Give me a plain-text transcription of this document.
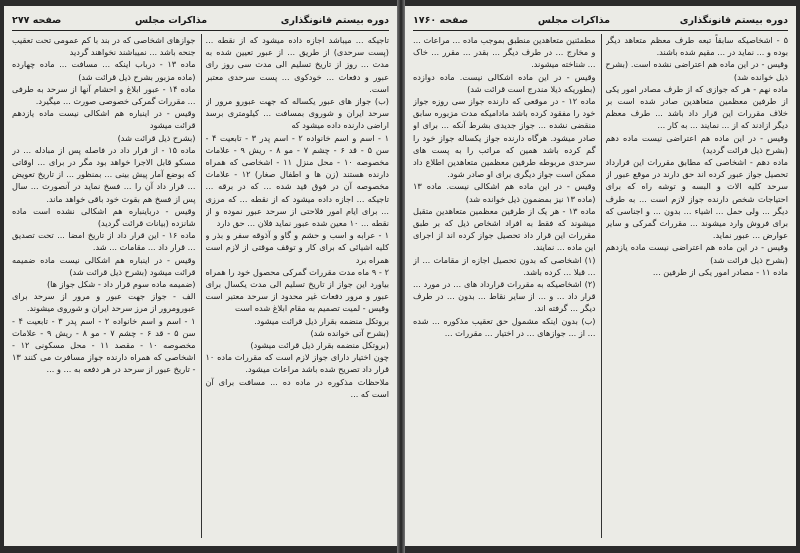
دوره بیستم قانونگذاری
مذاکرات مجلس
صفحه ۲۷۷

تاجیکه ... میباشد اجازه داده میشود که از نقطه ... (پست سرحدی) از طریق ... از عبور تعیین شده به مدت ... روز از تاریخ تسلیم الی مدت سی روز رای عبور و دفعات ... خودکوی ... پست سرحدی معتبر است.

(ب) جواز های عبور یکساله که جهت عبورو مرور از سرحد ایران و شوروی بمسافت ... کیلومتری برسد اراضی دارنده داده میشود که

۱ - اسم و اسم خانواده ۲ - اسم پدر ۳ - تابعیت ۴ - سن ۵ - قد ۶ - چشم ۷ - مو ۸ - ریش ۹ - علامات مخصوصه ۱۰ - محل منزل ۱۱ - اشخاصی که همراه دارنده هستند (زن ها و اطفال صغار) ۱۲ - علامات مخصوصه آن در فوق قید شده ... که در برقه ... تاجیکه ... اجازه داده میشود که از نقطه ... که مرزی ... برای ایام امور فلاحتی از سرحد عبور نموده و از نقطه ... ۱۰ معین شده عبور نماید فلان ... حق دارد

۱ - عرابه و اسب و حشم و گاو و آذوقه سفر و بذر و کلیه اشیائی که برای کار و توقف موقتی از لازم است همراه برد

۲ - ۹ ماه مدت مقررات گمرکی محصول خود را همراه بیاورد این جواز از تاریخ تسلیم الی مدت یکسال برای عبور و مرور دفعات غیر محدود از سرحد معتبر است وقیس - لمیت تصمیم به مقام ابلاغ شده است

بروتکل منضمه بقرار ذیل قرائت میشود.

(بشرح آتی خوانده شد)

(بروتکل منضمه بقرار ذیل قرائت میشود)

چون اختیار دارای جواز لازم است که مقررات ماده ۱۰ قرار داد تصریح شده باشد مراعات میشود.

ملاحظات مذکوره در ماده ده ... مسافت برای آن است که ...

جوازهای اشخاصی که در بند با کم عمومی تحت تعقیب جنحه باشد ... نمیباشند نخواهند گردید

ماده ۱۳ - درباب اینکه ... مسافت ... ماده چهارده (ماده مزبور بشرح ذیل قرائت شد)

ماده ۱۴ - عبور ابلاغ و احشام آنها از سرحد به طرفی ... مقررات گمرکی خصوصی صورت ... میگیرد.

وقیس - در اینباره هم اشکالی نیست ماده یازدهم قرائت میشود

(بشرح ذیل قرائت شد)

ماده ۱۵ - از قرار داد در فاصله پس از مبادله ... در مسکو قابل الاجرا خواهد بود مگر در برای ... اوقاتی که بوضع آمار پیش بینی ... بمنظور ... از تاریخ تعویض ... قرار داد آن را ... فسخ نماید در آنصورت ... سال پس از فسخ هم بقوت خود باقی خواهد ماند.

وقیس - درباینباره هم اشکالی نشده است ماده شانزده (بیانات قرائت گردید)

ماده ۱۶ - این قرار داد از تاریخ امضا ... تحت تصدیق ... قرار داد ... مقامات ... شد.

وقیس - در اینباره هم اشکالی نیست ماده ضمیمه قرائت میشود (بشرح ذیل قرائت شد)

(ضمیمه ماده سوم قرار داد - شکل جواز ها)

الف - جواز جهت عبور و مرور از سرحد برای عبورومرور از مرز سرحد ایران و شوروی میشوند.

۱ - اسم و اسم خانواده ۲ - اسم پدر ۳ - تابعیت ۴ - سن ۵ - قد ۶ - چشم ۷ - مو ۸ - ریش ۹ - علامات مخصوصه ۱۰ - مقصد ۱۱ - محل مسکونی ۱۲ - اشخاصی که همراه دارنده جواز مسافرت می کنند ۱۳ - تاریخ عبور از سرحد در هر دفعه به ... و ...

دوره بیستم قانونگذاری
مذاکرات مجلس
صفحه ۱۷۶۰

۵ - اشخاصیکه سابقاً تبعه طرف معظم متعاهد دیگر بوده و ... نماید در ... مقیم شده باشند.

وقیس - در این ماده هم اعتراضی نشده است. (بشرح ذیل خوانده شد)

ماده نهم - هر که جوازی که از طرف مصادر امور یکی از طرفین معظمین متعاهدین صادر شده است بر خلاف مقررات این قرار داد باشد ... طرف معظم دیگر ازادند که از ... نمایند ... به کار ...

وقیس - در این ماده هم اعتراضی نیست ماده دهم (بشرح ذیل قرائت گردید)

ماده دهم - اشخاصی که مطابق مقررات این قرارداد تحصیل جواز عبور کرده اند حق دارند در موقع عبور از سرحد کلیه الات و البسه و توشه راه که برای احتیاجات شخص دارنده جواز لازم است ... به طرف دیگر ... ولی حمل ... اشیاء ... بدون ... و اجناسی که برای فروش وارد میشوند ... مقررات گمرکی و سایر عوارض ... عبور نماید.

وقیس - در این ماده هم اعتراضی نیست ماده یازدهم (بشرح ذیل قرائت شد)

ماده ۱۱ - مصادر امور یکی از طرفین ...

مطمئنین متعاهدین منطبق بموجب ماده ... مراعات ... و مخارج ... در طرف دیگر ... بقدر ... مقرر ... خاک ... شناخته میشوند.

وقیس - در این ماده اشکالی نیست. ماده دوازده (بطوریکه ذیلا مندرج است قرائت شد)

ماده ۱۲ - در موقعی که دارنده جواز سی روزه جواز خود را مفقود کرده باشد مادامیکه مدت مزبوره سابق منقضی نشده ... جواز جدیدی بشرط آنکه ... برای او صادر میشود. هرگاه دارنده جواز یکساله جواز خود را گم کرده باشد همین که مراتب را به پست های سرحدی مربوطه طرفین معظمین متعاهدین اطلاع داد ممکن است جواز دیگری برای او صادر شود.

وقیس - در این ماده هم اشکالی نیست. ماده ۱۳ (ماده ۱۳ نیز بمضمون ذیل خوانده شد)

ماده ۱۳ - هر یک از طرفین معظمین متعاهدین متقبل میشوند که فقط به افراد اشخاص ذیل که بر طبق مقررات این قرار داد تحصیل جواز کرده اند از اجرای این ماده ... نمایند.

(۱) اشخاصی که بدون تحصیل اجازه از مقامات ... از ... قبلا ... کرده باشد.

(۲) اشخاصیکه به مقررات قرارداد های ... در مورد ... قرار داد ... و ... از سایر نقاط ... بدون ... در طرف دیگر ... گرفته اند.

(ب) بدون اینکه مشمول حق تعقیب مذکوره ... شده ... از ... جوازهای ... در اختیار ... مقررات ...
